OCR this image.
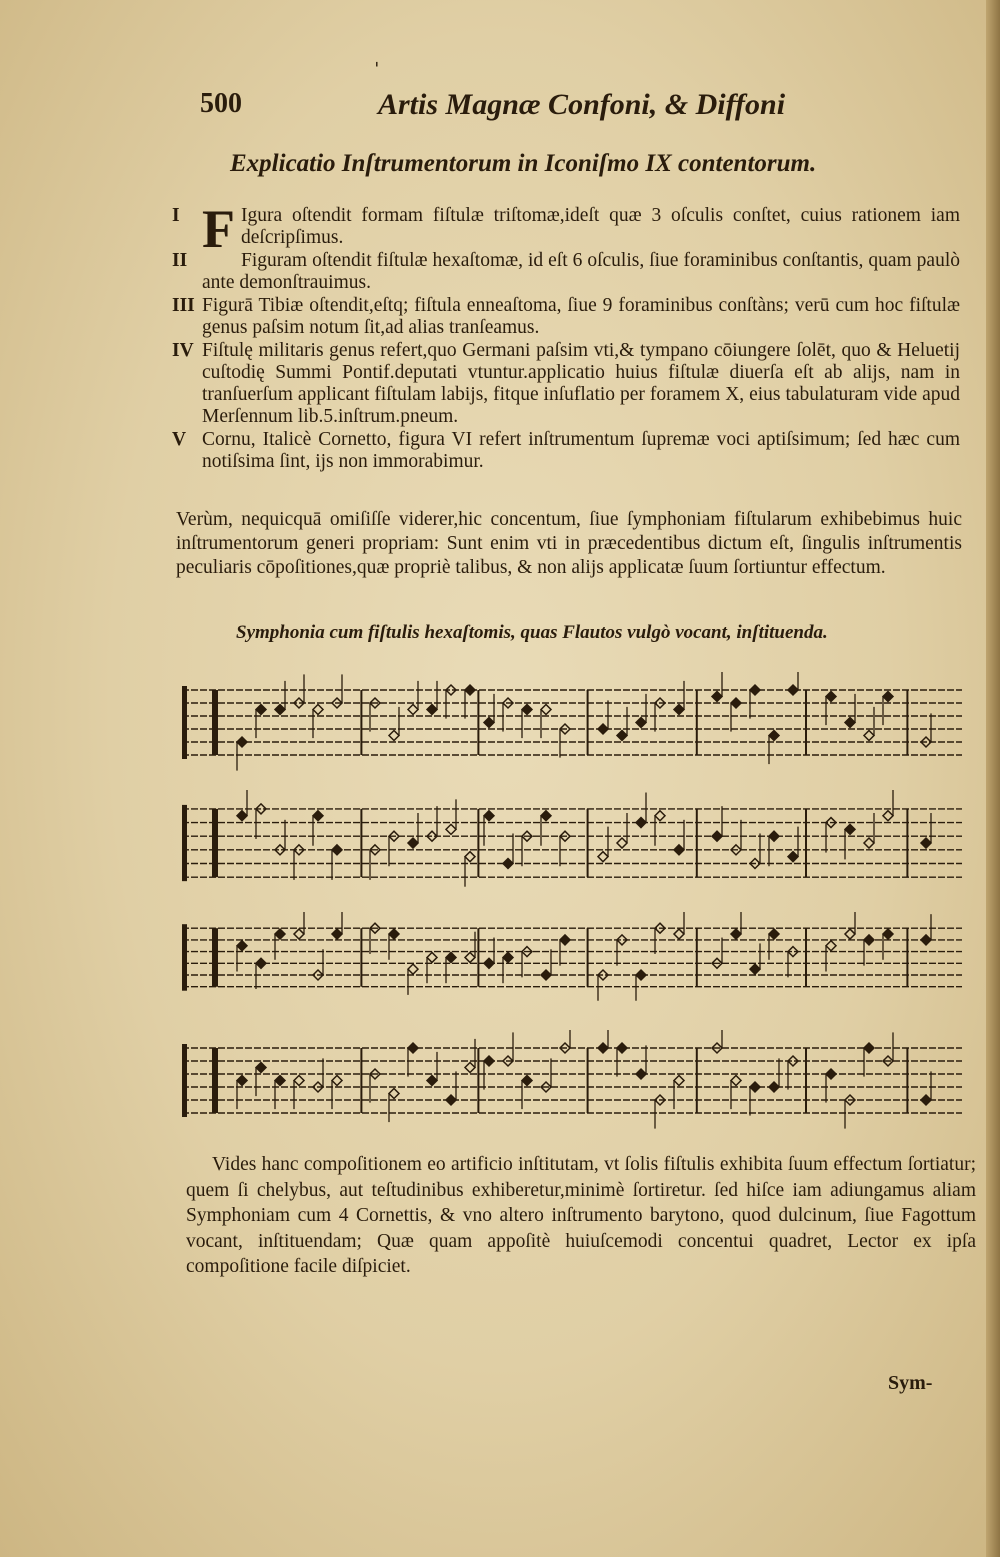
ˈ
500	Artis Magnæ Confoni, & Diffoni
Explicatio Inſtrumentorum in Iconiſmo IX contentorum.
I F Igura oſtendit formam fiſtulæ triſtomæ,ideſt quæ 3 oſculis conſtet, cuius rationem iam deſcripſimus.
II	Figuram oſtendit fiſtulæ hexaſtomæ, id eſt 6 oſculis, ſiue foraminibus conſtantis, quam paulò ante demonſtrauimus.
III Figurā Tibiæ oſtendit,eſtq; fiſtula enneaſtoma, ſiue 9 foraminibus conſtàns; verū cum hoc fiſtulæ genus paſsim notum ſit,ad alias tranſeamus.
IV Fiſtulę militaris genus refert,quo Germani paſsim vti,& tympano cōiungere ſolēt, quo & Heluetij cuſtodię Summi Pontif.deputati vtuntur.applicatio huius fiſtulæ diuerſa eſt ab alijs, nam in tranſuerſum applicant fiſtulam labijs, fitque inſuflatio per foramem X, eius tabulaturam vide apud Merſennum lib.5.inſtrum.pneum.
V Cornu, Italicè Cornetto, figura VI refert inſtrumentum ſupremæ voci aptiſsimum; ſed hæc cum notiſsima ſint, ijs non immorabimur.
Verùm, nequicquā omiſiſſe viderer,hic concentum, ſiue ſymphoniam fiſtularum exhibebimus huic inſtrumentorum generi propriam: Sunt enim vti in præcedentibus dictum eſt, ſingulis inſtrumentis peculiaris cōpoſitiones,quæ propriè talibus, & non alijs applicatæ ſuum ſortiuntur effectum.
Symphonia cum fiſtulis hexaſtomis, quas Flautos vulgò vocant, inſtituenda.
Vides hanc compoſitionem eo artificio inſtitutam, vt ſolis fiſtulis exhibita ſuum effectum ſortiatur; quem ſi chelybus, aut teſtudinibus exhiberetur,minimè ſortiretur. ſed hiſce iam adiungamus aliam Symphoniam cum 4 Cornettis, & vno altero inſtrumento barytono, quod dulcinum, ſiue Fagottum vocant, inſtituendam; Quæ quam appoſitè huiuſcemodi concentui quadret, Lector ex ipſa compoſitione facile diſpiciet.
Sym-
